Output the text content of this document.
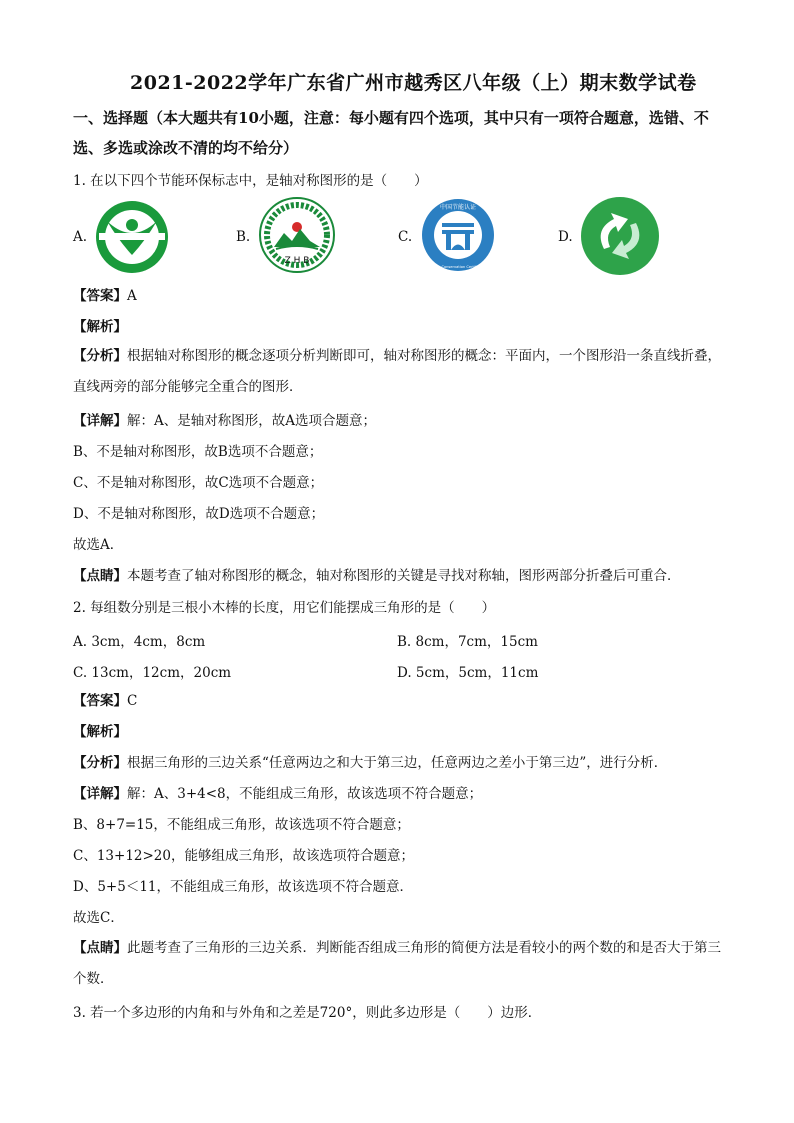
2021-2022学年广东省广州市越秀区八年级（上）期末数学试卷
一、选择题（本大题共有10小题，注意：每小题有四个选项，其中只有一项符合题意，选错、不选、多选或涂改不清的均不给分）
1. 在以下四个节能环保标志中，是轴对称图形的是（　　）
A.	B.
Z H B
C.
中国节能认证
Energy Conservation Certification
D.
【答案】A
【解析】
【分析】根据轴对称图形的概念逐项分析判断即可，轴对称图形的概念：平面内，一个图形沿一条直线折叠，直线两旁的部分能够完全重合的图形．
【详解】解：A、是轴对称图形，故A选项合题意；
B、不是轴对称图形，故B选项不合题意；
C、不是轴对称图形，故C选项不合题意；
D、不是轴对称图形，故D选项不合题意；
故选A．
【点睛】本题考查了轴对称图形的概念，轴对称图形的关键是寻找对称轴，图形两部分折叠后可重合．
2. 每组数分别是三根小木棒的长度，用它们能摆成三角形的是（　　）
A. 3cm，4cm，8cm	B. 8cm，7cm，15cm
C. 13cm，12cm，20cm	D. 5cm，5cm，11cm
【答案】C
【解析】
【分析】根据三角形的三边关系“任意两边之和大于第三边，任意两边之差小于第三边”，进行分析．
【详解】解：A、3+4<8，不能组成三角形，故该选项不符合题意；
B、8+7=15，不能组成三角形，故该选项不符合题意；
C、13+12>20，能够组成三角形，故该选项符合题意；
D、5+5＜11，不能组成三角形，故该选项不符合题意．
故选C．
【点睛】此题考查了三角形的三边关系．判断能否组成三角形的简便方法是看较小的两个数的和是否大于第三个数．
3. 若一个多边形的内角和与外角和之差是720°，则此多边形是（　　）边形．
